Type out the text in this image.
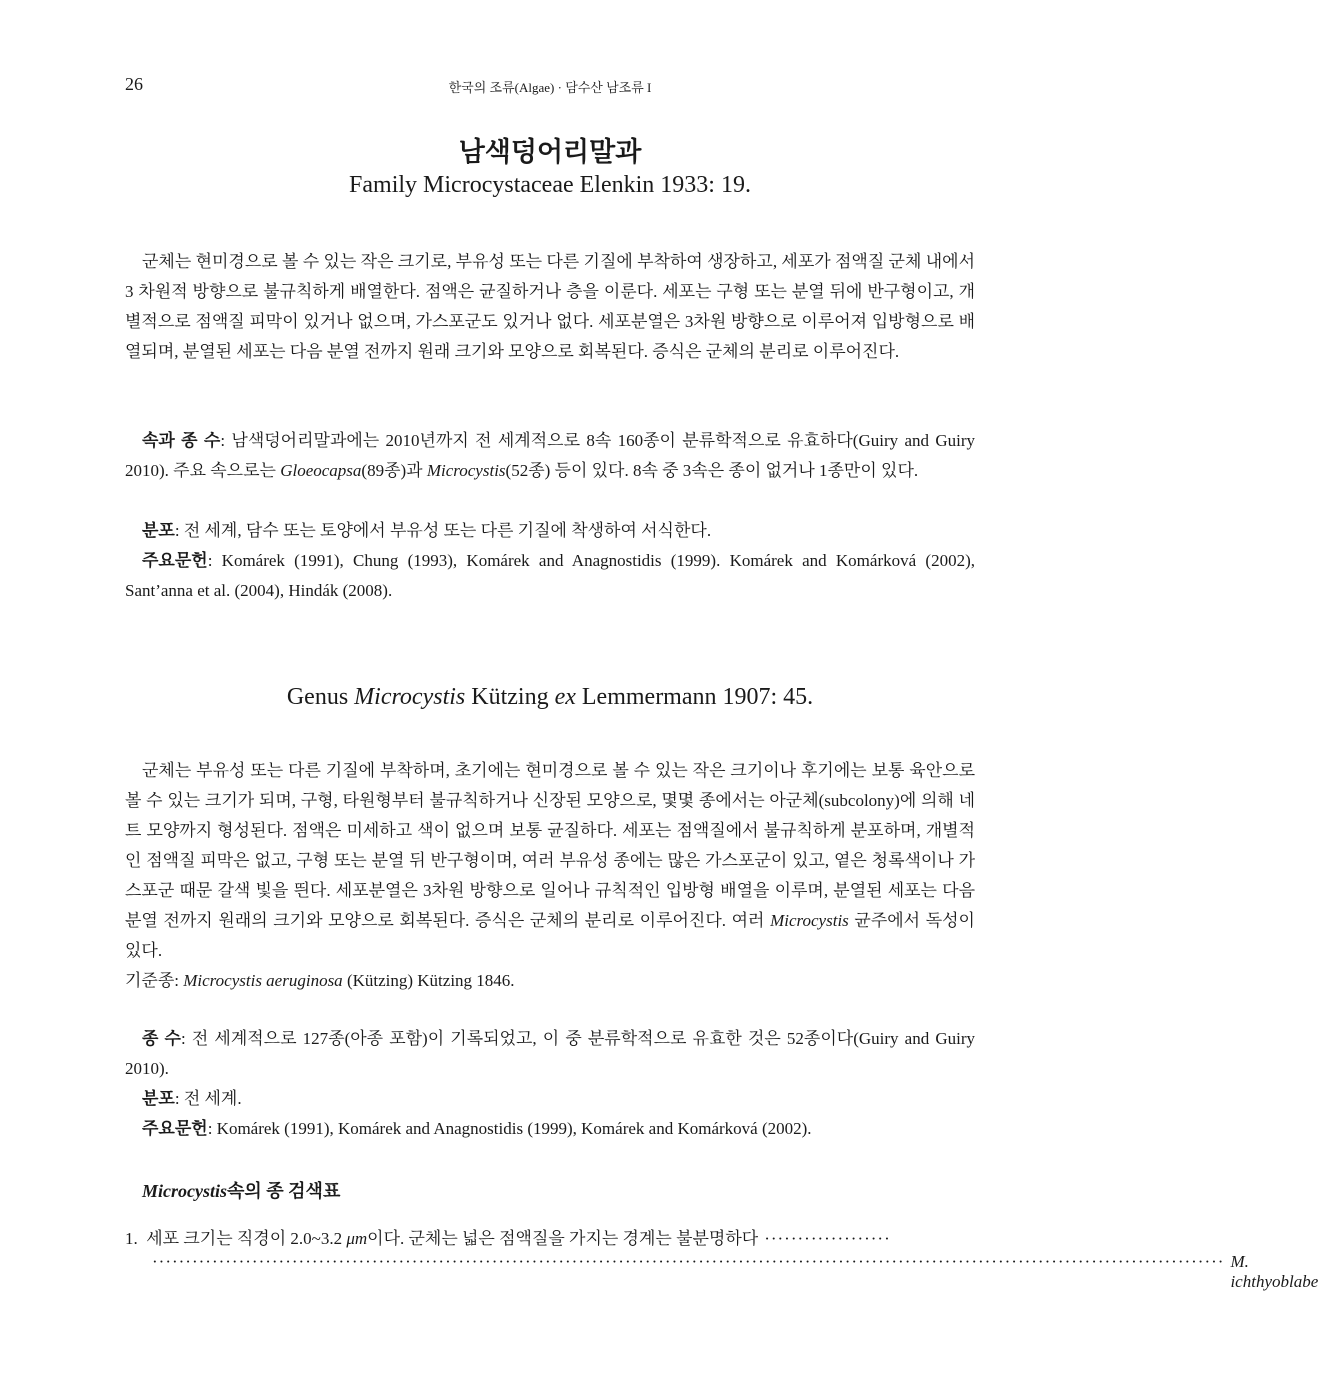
26	한국의 조류(Algae) · 담수산 남조류 I
남색덩어리말과
Family Microcystaceae Elenkin 1933: 19.

군체는 현미경으로 볼 수 있는 작은 크기로, 부유성 또는 다른 기질에 부착하여 생장하고, 세포가 점액질 군체 내에서 3 차원적 방향으로 불규칙하게 배열한다. 점액은 균질하거나 층을 이룬다. 세포는 구형 또는 분열 뒤에 반구형이고, 개별적으로 점액질 피막이 있거나 없으며, 가스포군도 있거나 없다. 세포분열은 3차원 방향으로 이루어져 입방형으로 배열되며, 분열된 세포는 다음 분열 전까지 원래 크기와 모양으로 회복된다. 증식은 군체의 분리로 이루어진다.

속과 종 수: 남색덩어리말과에는 2010년까지 전 세계적으로 8속 160종이 분류학적으로 유효하다(Guiry and Guiry 2010). 주요 속으로는 Gloeocapsa(89종)과 Microcystis(52종) 등이 있다. 8속 중 3속은 종이 없거나 1종만이 있다.

분포: 전 세계, 담수 또는 토양에서 부유성 또는 다른 기질에 착생하여 서식한다.

주요문헌: Komárek (1991), Chung (1993), Komárek and Anagnostidis (1999). Komárek and Komárková (2002), Sant’anna et al. (2004), Hindák (2008).

Genus Microcystis Kützing ex Lemmermann 1907: 45.

군체는 부유성 또는 다른 기질에 부착하며, 초기에는 현미경으로 볼 수 있는 작은 크기이나 후기에는 보통 육안으로 볼 수 있는 크기가 되며, 구형, 타원형부터 불규칙하거나 신장된 모양으로, 몇몇 종에서는 아군체(subcolony)에 의해 네트 모양까지 형성된다. 점액은 미세하고 색이 없으며 보통 균질하다. 세포는 점액질에서 불규칙하게 분포하며, 개별적인 점액질 피막은 없고, 구형 또는 분열 뒤 반구형이며, 여러 부유성 종에는 많은 가스포군이 있고, 옅은 청록색이나 가스포군 때문 갈색 빛을 띈다. 세포분열은 3차원 방향으로 일어나 규칙적인 입방형 배열을 이루며, 분열된 세포는 다음 분열 전까지 원래의 크기와 모양으로 회복된다. 증식은 군체의 분리로 이루어진다. 여러 Microcystis 균주에서 독성이 있다.
기준종: Microcystis aeruginosa (Kützing) Kützing 1846.

종 수: 전 세계적으로 127종(아종 포함)이 기록되었고, 이 중 분류학적으로 유효한 것은 52종이다(Guiry and Guiry 2010).

분포: 전 세계.

주요문헌: Komárek (1991), Komárek and Anagnostidis (1999), Komárek and Komárková (2002).

Microcystis속의 종 검색표
1. 세포 크기는 직경이 2.0~3.2 μm이다. 군체는 넓은 점액질을 가지는 경계는 불분명하다 ···················
································································································································································· M. ichthyoblabe
